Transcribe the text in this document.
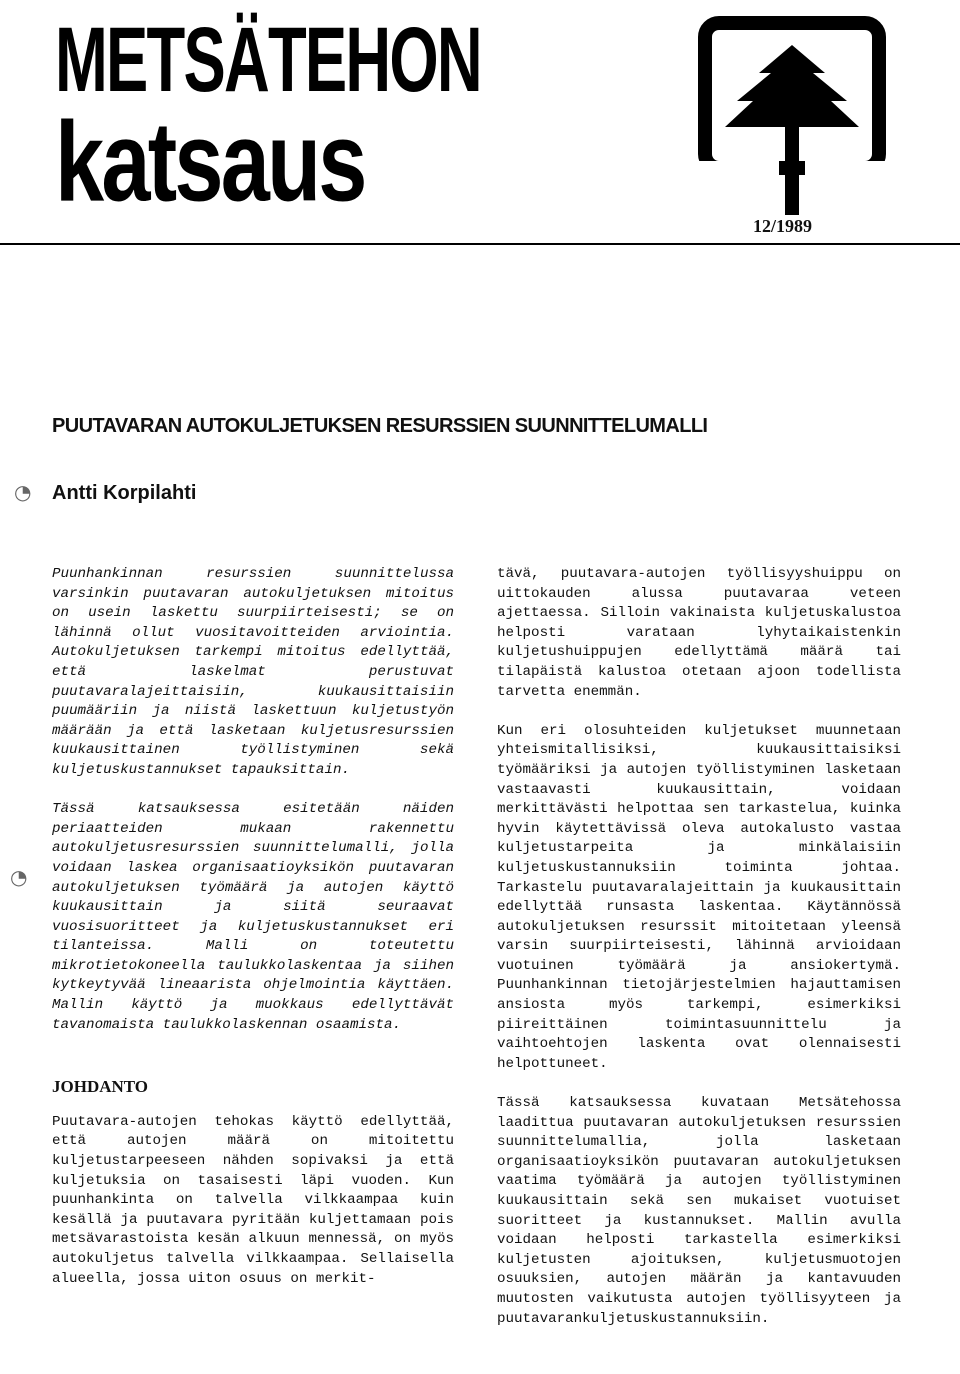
METSÄTEHON
katsaus
12/1989
PUUTAVARAN AUTOKULJETUKSEN RESURSSIEN SUUNNITTELUMALLI
◔ Antti Korpilahti
◔

Puunhankinnan resurssien suunnittelussa varsinkin puutavaran autokuljetuksen mitoitus on usein laskettu suurpiirteisesti; se on lähinnä ollut vuositavoitteiden arviointia. Autokuljetuksen tarkempi mitoitus edellyttää, että laskelmat perustuvat puutavaralajeittaisiin, kuukausittaisiin puumääriin ja niistä laskettuun kuljetustyön määrään ja että lasketaan kuljetusresurssien kuukausittainen työllistyminen sekä kuljetuskustannukset tapauksittain.

Tässä katsauksessa esitetään näiden periaatteiden mukaan rakennettu autokuljetusresurssien suunnittelumalli, jolla voidaan laskea organisaatioyksikön puutavaran autokuljetuksen työmäärä ja autojen käyttö kuukausittain ja siitä seuraavat vuosisuoritteet ja kuljetuskustannukset eri tilanteissa. Malli on toteutettu mikrotietokoneella taulukkolaskentaa ja siihen kytkeytyvää lineaarista ohjelmointia käyttäen. Mallin käyttö ja muokkaus edellyttävät tavanomaista taulukkolaskennan osaamista.

JOHDANTO

Puutavara-autojen tehokas käyttö edellyttää, että autojen määrä on mitoitettu kuljetustarpeeseen nähden sopivaksi ja että kuljetuksia on tasaisesti läpi vuoden. Kun puunhankinta on talvella vilkkaampaa kuin kesällä ja puutavara pyritään kuljettamaan pois metsävarastoista kesän alkuun mennessä, on myös autokuljetus talvella vilkkaampaa. Sellaisella alueella, jossa uiton osuus on merkit-

tävä, puutavara-autojen työllisyyshuippu on uittokauden alussa puutavaraa veteen ajettaessa. Silloin vakinaista kuljetuskalustoa helposti varataan lyhytaikaistenkin kuljetushuippujen edellyttämä määrä tai tilapäistä kalustoa otetaan ajoon todellista tarvetta enemmän.

Kun eri olosuhteiden kuljetukset muunnetaan yhteismitallisiksi, kuukausittaisiksi työmääriksi ja autojen työllistyminen lasketaan vastaavasti kuukausittain, voidaan merkittävästi helpottaa sen tarkastelua, kuinka hyvin käytettävissä oleva autokalusto vastaa kuljetustarpeita ja minkälaisiin kuljetuskustannuksiin toiminta johtaa. Tarkastelu puutavaralajeittain ja kuukausittain edellyttää runsasta laskentaa. Käytännössä autokuljetuksen resurssit mitoitetaan yleensä varsin suurpiirteisesti, lähinnä arvioidaan vuotuinen työmäärä ja ansiokertymä. Puunhankinnan tietojärjestelmien hajauttamisen ansiosta myös tarkempi, esimerkiksi piireittäinen toimintasuunnittelu ja vaihtoehtojen laskenta ovat olennaisesti helpottuneet.

Tässä katsauksessa kuvataan Metsätehossa laadittua puutavaran autokuljetuksen resurssien suunnittelumallia, jolla lasketaan organisaatioyksikön puutavaran autokuljetuksen vaatima työmäärä ja autojen työllistyminen kuukausittain sekä sen mukaiset vuotuiset suoritteet ja kustannukset. Mallin avulla voidaan helposti tarkastella esimerkiksi kuljetusten ajoituksen, kuljetusmuotojen osuuksien, autojen määrän ja kantavuuden muutosten vaikutusta autojen työllisyyteen ja puutavarankuljetuskustannuksiin.
